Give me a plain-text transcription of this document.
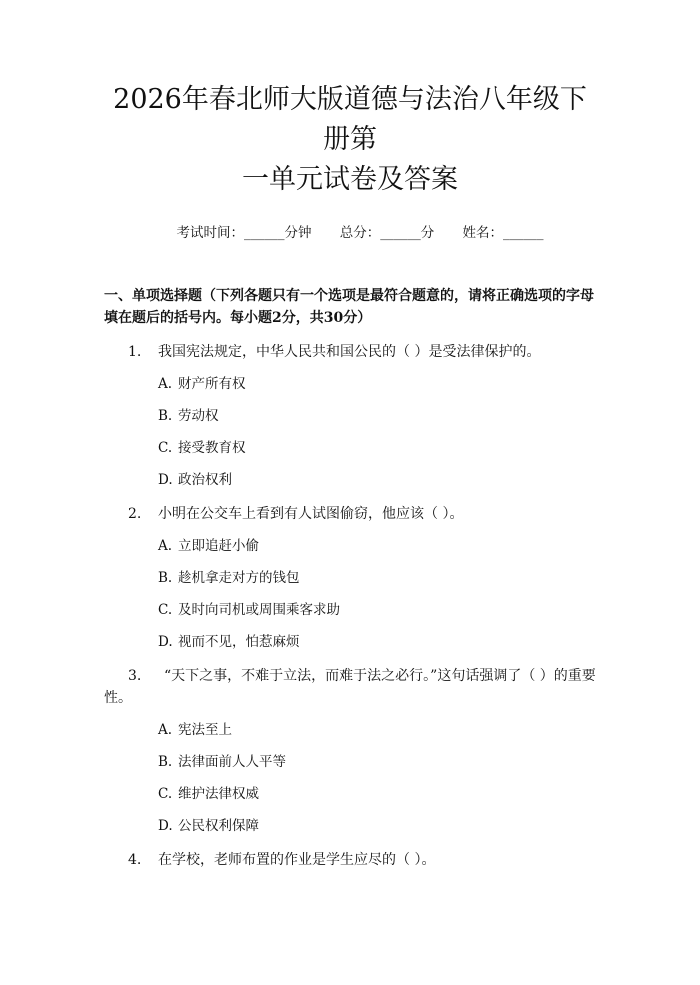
2026年春北师大版道德与法治八年级下册第
一单元试卷及答案
考试时间：______分钟 总分：______分 姓名：______
一、单项选择题（下列各题只有一个选项是最符合题意的，请将正确选项的字母填在题后的括号内。每小题2分，共30分）
1. 我国宪法规定，中华人民共和国公民的（ ）是受法律保护的。
A. 财产所有权
B. 劳动权
C. 接受教育权
D. 政治权利
2. 小明在公交车上看到有人试图偷窃，他应该（ ）。
A. 立即追赶小偷
B. 趁机拿走对方的钱包
C. 及时向司机或周围乘客求助
D. 视而不见，怕惹麻烦
3. “天下之事，不难于立法，而难于法之必行。”这句话强调了（ ）的重要性。
A. 宪法至上
B. 法律面前人人平等
C. 维护法律权威
D. 公民权利保障
4. 在学校，老师布置的作业是学生应尽的（ ）。
